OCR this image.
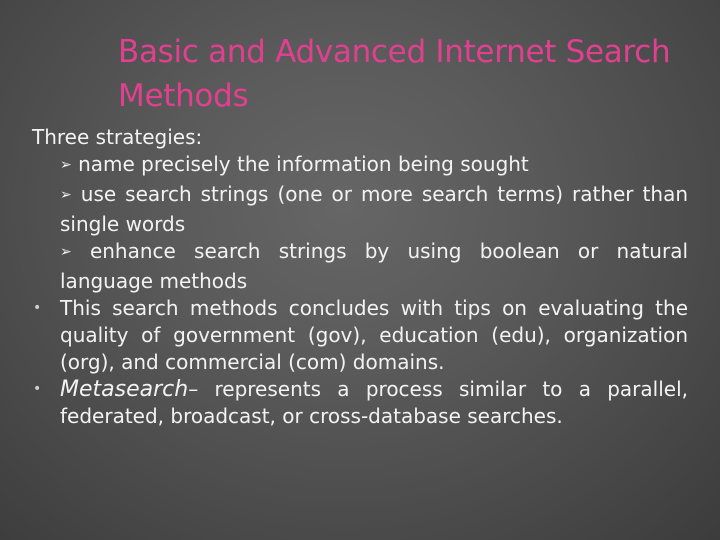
Basic and Advanced Internet Search Methods

Three strategies:

➢ name precisely the information being sought
➢ use search strings (one or more search terms) rather than single words
➢ enhance search strings by using boolean or natural language methods
• This search methods concludes with tips on evaluating the quality of government (gov), education (edu), organization (org), and commercial (com) domains.
• Metasearch– represents a process similar to a parallel, federated, broadcast, or cross-database searches.
